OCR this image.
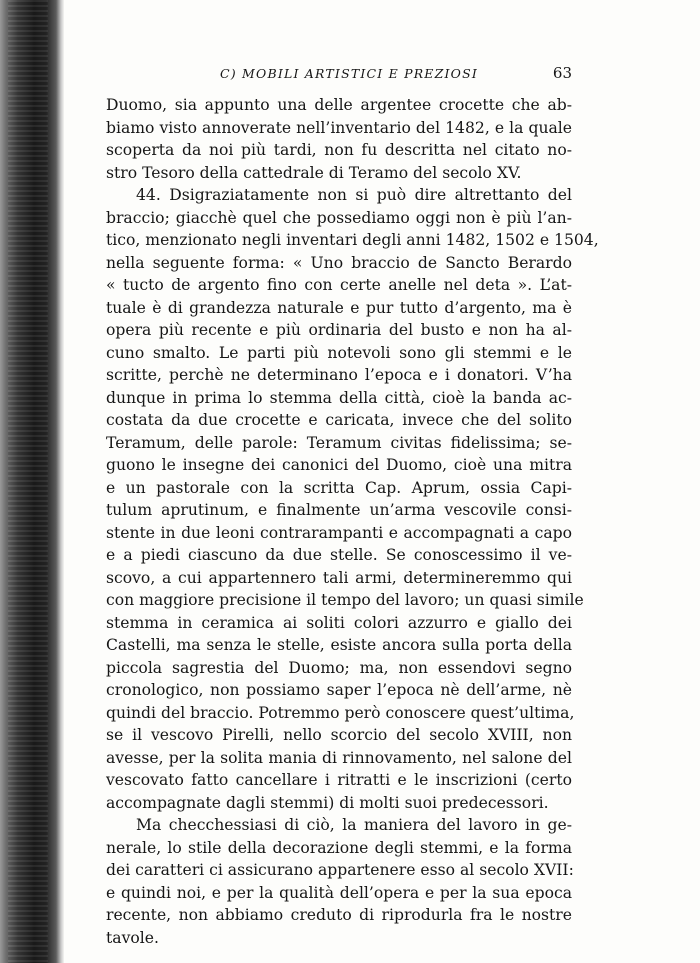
C) MOBILI ARTISTICI E PREZIOSI	63
Duomo, sia appunto una delle argentee crocette che ab-
biamo visto annoverate nell’inventario del 1482, e la quale
scoperta da noi più tardi, non fu descritta nel citato no-
stro Tesoro della cattedrale di Teramo del secolo XV.
44. Dsigraziatamente non si può dire altrettanto del
braccio; giacchè quel che possediamo oggi non è più l’an-
tico, menzionato negli inventari degli anni 1482, 1502 e 1504,
nella seguente forma: « Uno braccio de Sancto Berardo
« tucto de argento fino con certe anelle nel deta ». L’at-
tuale è di grandezza naturale e pur tutto d’argento, ma è
opera più recente e più ordinaria del busto e non ha al-
cuno smalto. Le parti più notevoli sono gli stemmi e le
scritte, perchè ne determinano l’epoca e i donatori. V’ha
dunque in prima lo stemma della città, cioè la banda ac-
costata da due crocette e caricata, invece che del solito
Teramum, delle parole: Teramum civitas fidelissima; se-
guono le insegne dei canonici del Duomo, cioè una mitra
e un pastorale con la scritta Cap. Aprum, ossia Capi-
tulum aprutinum, e finalmente un’arma vescovile consi-
stente in due leoni contrarampanti e accompagnati a capo
e a piedi ciascuno da due stelle. Se conoscessimo il ve-
scovo, a cui appartennero tali armi, determineremmo qui
con maggiore precisione il tempo del lavoro; un quasi simile
stemma in ceramica ai soliti colori azzurro e giallo dei
Castelli, ma senza le stelle, esiste ancora sulla porta della
piccola sagrestia del Duomo; ma, non essendovi segno
cronologico, non possiamo saper l’epoca nè dell’arme, nè
quindi del braccio. Potremmo però conoscere quest’ultima,
se il vescovo Pirelli, nello scorcio del secolo XVIII, non
avesse, per la solita mania di rinnovamento, nel salone del
vescovato fatto cancellare i ritratti e le inscrizioni (certo
accompagnate dagli stemmi) di molti suoi predecessori.
Ma checchessiasi di ciò, la maniera del lavoro in ge-
nerale, lo stile della decorazione degli stemmi, e la forma
dei caratteri ci assicurano appartenere esso al secolo XVII:
e quindi noi, e per la qualità dell’opera e per la sua epoca
recente, non abbiamo creduto di riprodurla fra le nostre
tavole.
